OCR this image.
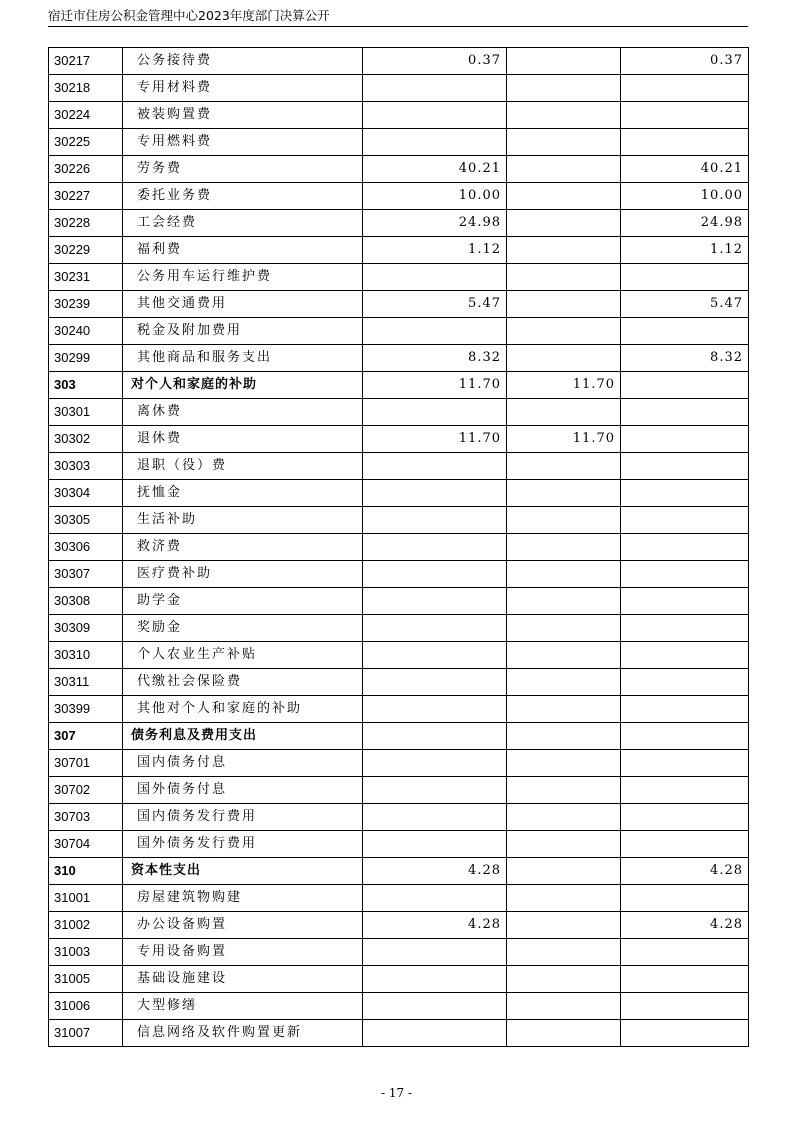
宿迁市住房公积金管理中心2023年度部门决算公开
30217	公务接待费	0.37		0.37
30218	专用材料费			
30224	被装购置费			
30225	专用燃料费			
30226	劳务费	40.21		40.21
30227	委托业务费	10.00		10.00
30228	工会经费	24.98		24.98
30229	福利费	1.12		1.12
30231	公务用车运行维护费			
30239	其他交通费用	5.47		5.47
30240	税金及附加费用			
30299	其他商品和服务支出	8.32		8.32
303	对个人和家庭的补助	11.70	11.70	
30301	离休费			
30302	退休费	11.70	11.70	
30303	退职（役）费			
30304	抚恤金			
30305	生活补助			
30306	救济费			
30307	医疗费补助			
30308	助学金			
30309	奖励金			
30310	个人农业生产补贴			
30311	代缴社会保险费			
30399	其他对个人和家庭的补助			
307	债务利息及费用支出			
30701	国内债务付息			
30702	国外债务付息			
30703	国内债务发行费用			
30704	国外债务发行费用			
310	资本性支出	4.28		4.28
31001	房屋建筑物购建			
31002	办公设备购置	4.28		4.28
31003	专用设备购置			
31005	基础设施建设			
31006	大型修缮			
31007	信息网络及软件购置更新			
- 17 -
